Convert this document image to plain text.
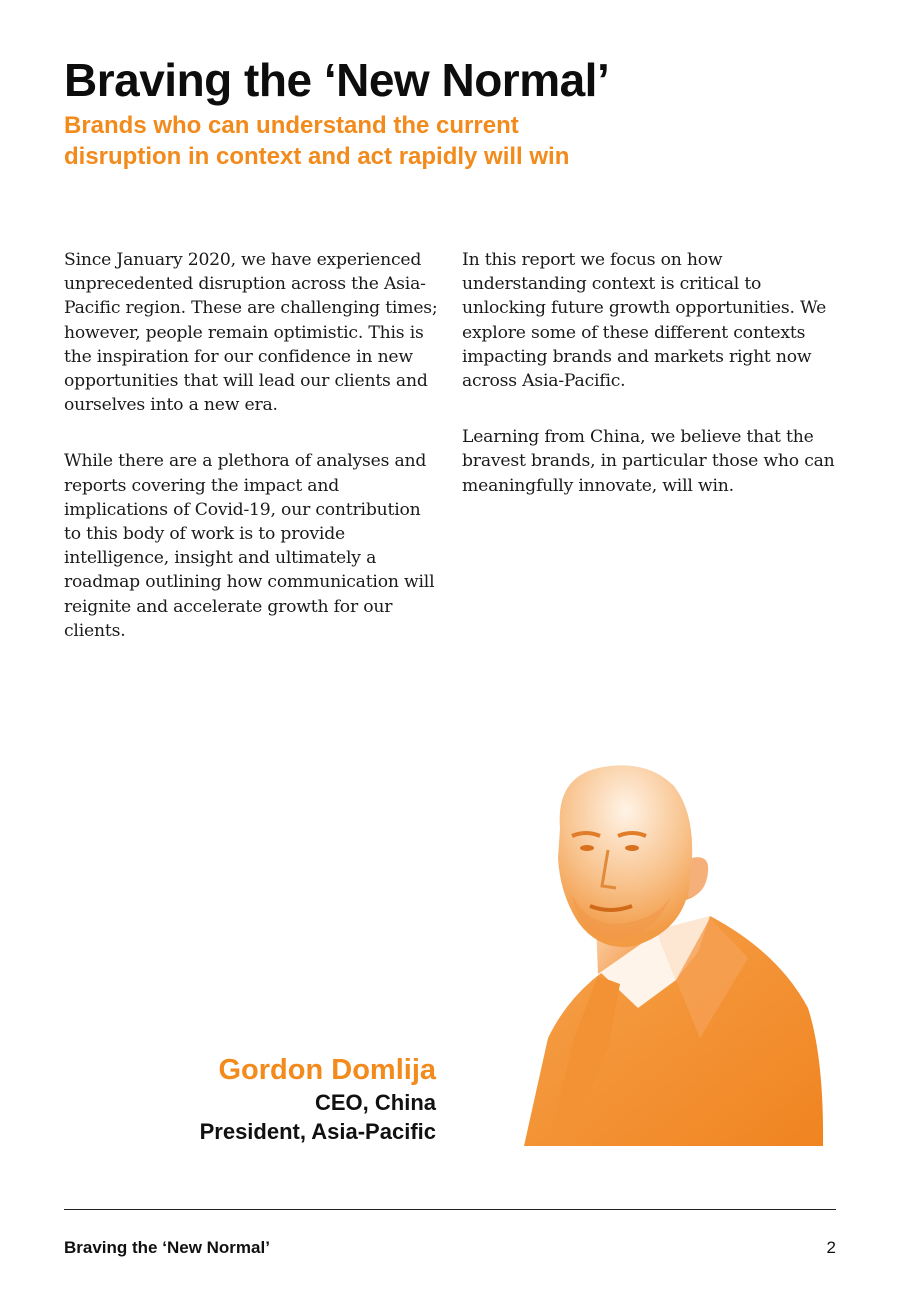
Braving the ‘New Normal’
Brands who can understand the current
disruption in context and act rapidly will win

Since January 2020, we have experienced unprecedented disruption across the Asia-Pacific region. These are challenging times; however, people remain optimistic. This is the inspiration for our confidence in new opportunities that will lead our clients and ourselves into a new era.

While there are a plethora of analyses and reports covering the impact and implications of Covid-19, our contribution to this body of work is to provide intelligence, insight and ultimately a roadmap outlining how communication will reignite and accelerate growth for our clients.

In this report we focus on how understanding context is critical to unlocking future growth opportunities. We explore some of these different contexts impacting brands and markets right now across Asia-Pacific.

Learning from China, we believe that the bravest brands, in particular those who can meaningfully innovate, will win.

Gordon Domlija
CEO, China
President, Asia-Pacific
Braving the ‘New Normal’	2
